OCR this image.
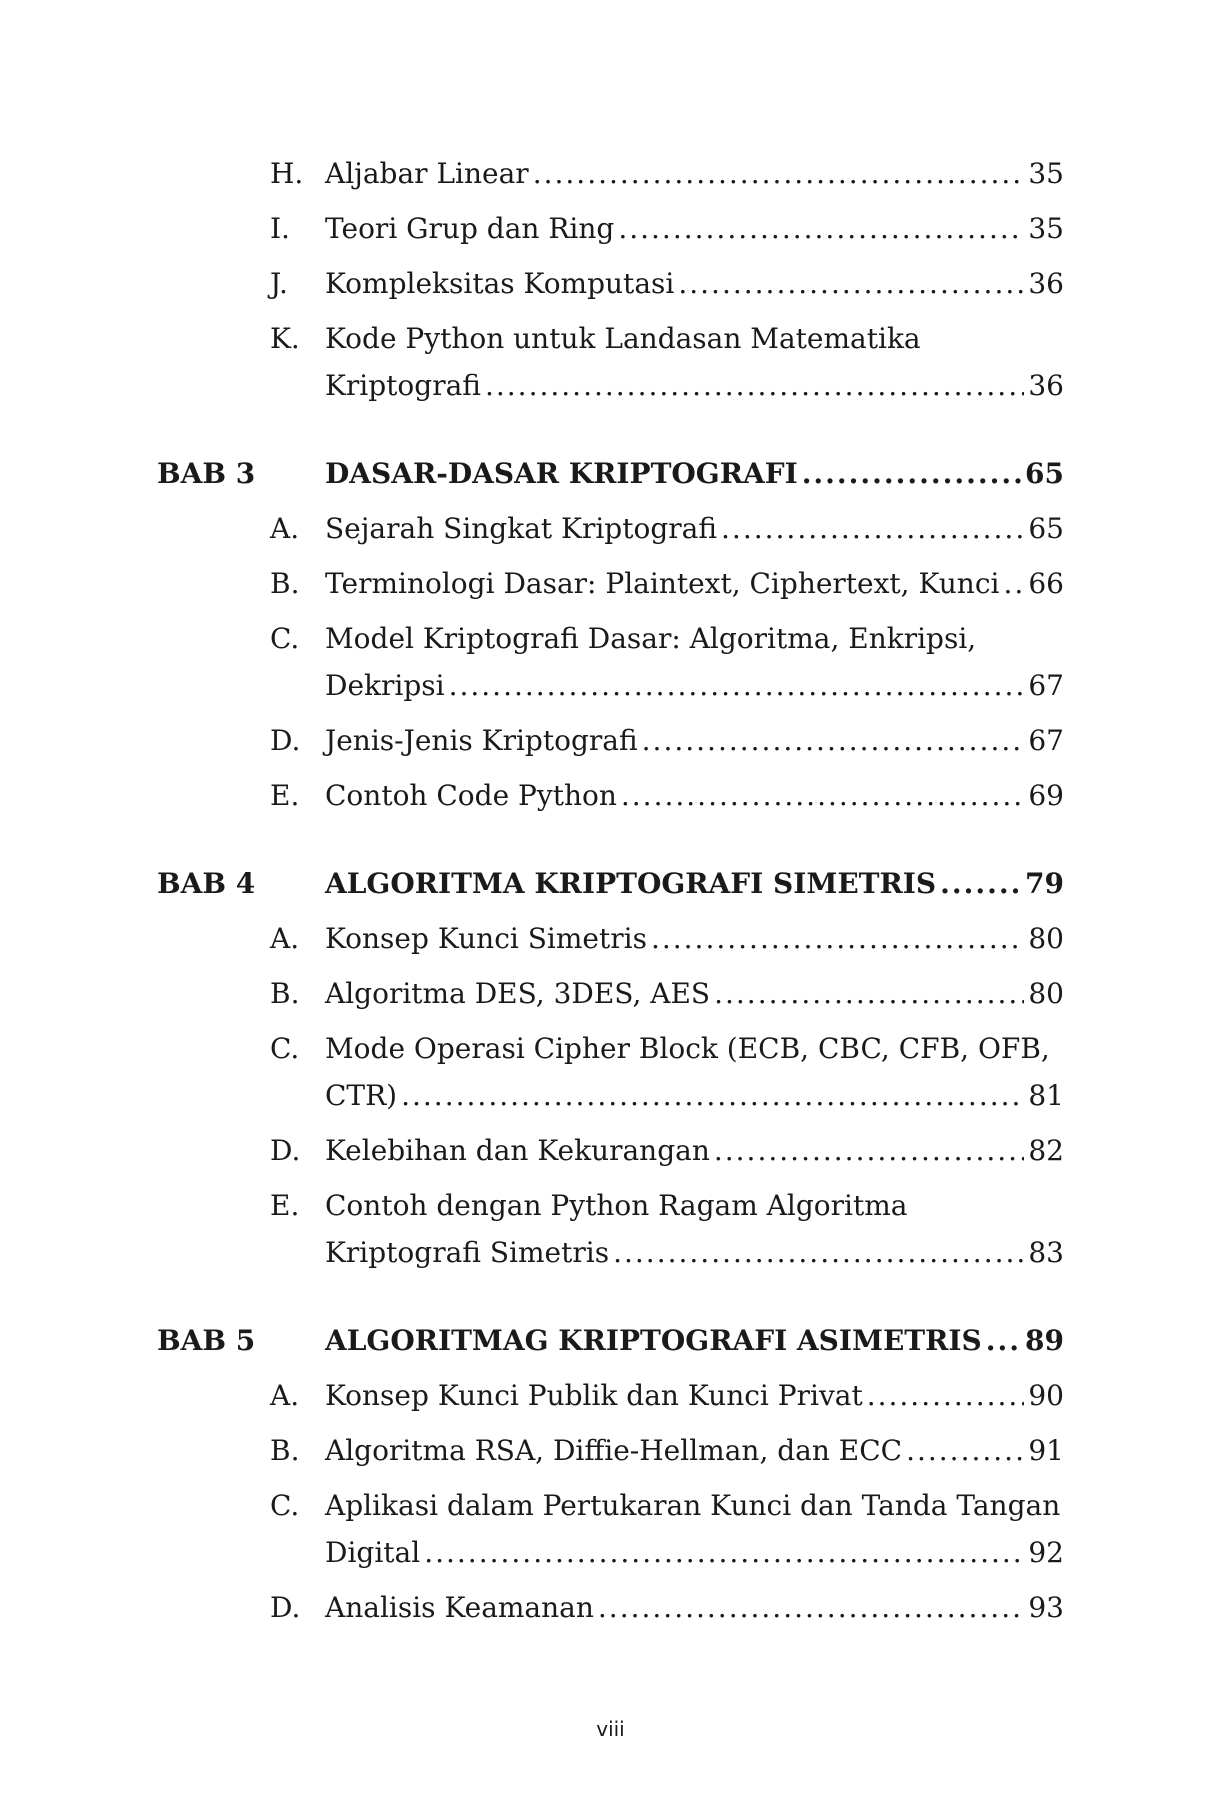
H. Aljabar Linear .....	35
I. Teori Grup dan Ring .....	35
J. Kompleksitas Komputasi .....	36
K. Kode Python untuk Landasan Matematika
Kriptografi .....	36
BAB 3 DASAR-DASAR KRIPTOGRAFI .....	65
A. Sejarah Singkat Kriptografi .....	65
B. Terminologi Dasar: Plaintext, Ciphertext, Kunci ..... 66
C. Model Kriptografi Dasar: Algoritma, Enkripsi,
Dekripsi .....	67
D. Jenis-Jenis Kriptografi .....	67
E. Contoh Code Python .....	69
BAB 4 ALGORITMA KRIPTOGRAFI SIMETRIS .....	79
A. Konsep Kunci Simetris .....	80
B. Algoritma DES, 3DES, AES .....	80
C. Mode Operasi Cipher Block (ECB, CBC, CFB, OFB,
CTR) .....	81
D. Kelebihan dan Kekurangan .....	82
E. Contoh dengan Python Ragam Algoritma
Kriptografi Simetris .....	83
BAB 5 ALGORITMAG KRIPTOGRAFI ASIMETRIS ..... 89
A. Konsep Kunci Publik dan Kunci Privat .....	90
B. Algoritma RSA, Diffie-Hellman, dan ECC .....	91
C. Aplikasi dalam Pertukaran Kunci dan Tanda Tangan
Digital .....	92
D. Analisis Keamanan .....	93
viii
